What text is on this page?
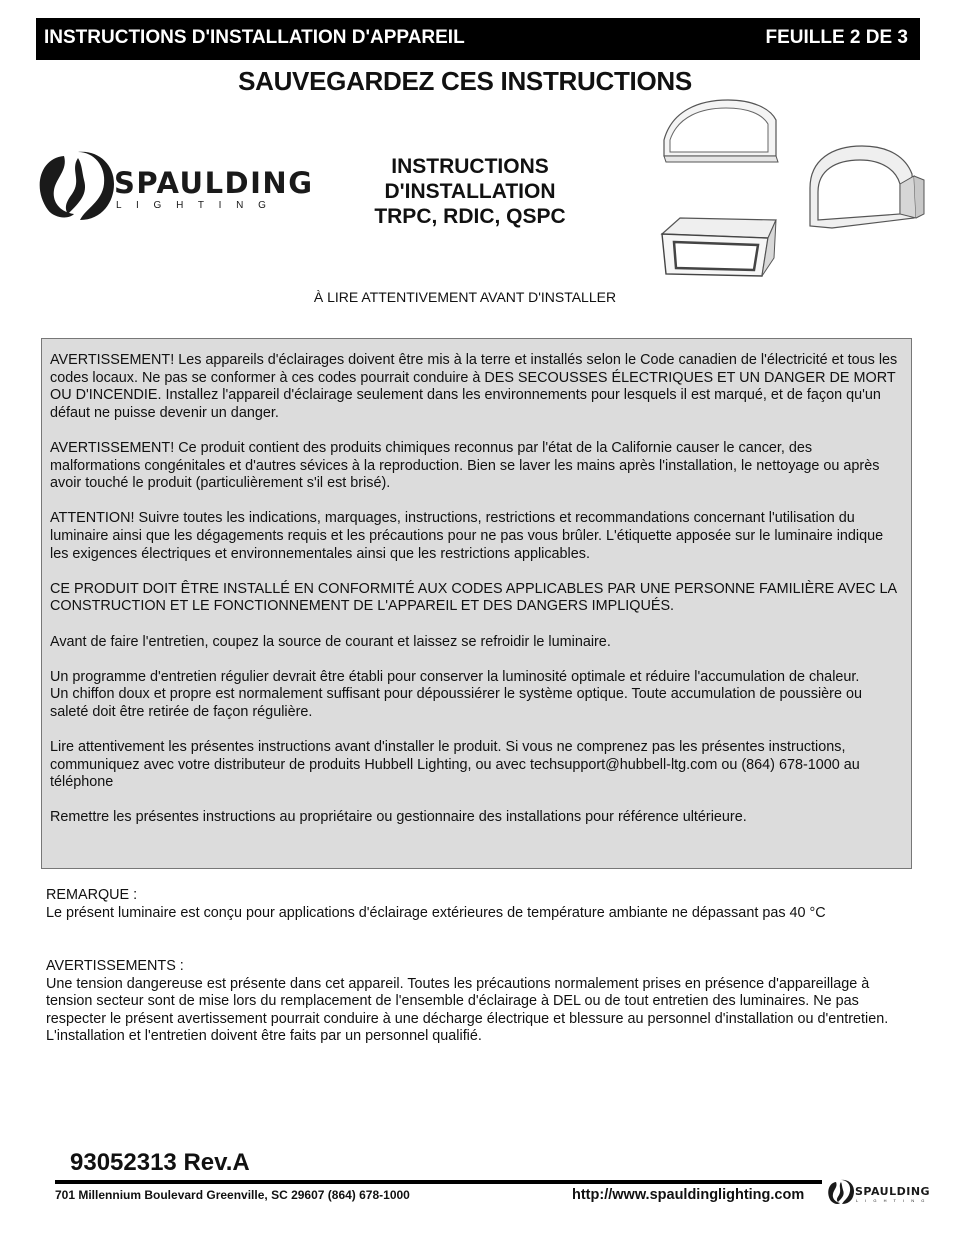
INSTRUCTIONS D'INSTALLATION D'APPAREIL	FEUILLE 2 DE 3
SAUVEGARDEZ CES INSTRUCTIONS
SPAULDING
L I G H T I N G
INSTRUCTIONS
D'INSTALLATION
TRPC, RDIC, QSPC
À LIRE ATTENTIVEMENT AVANT D'INSTALLER

AVERTISSEMENT! Les appareils d'éclairages doivent être mis à la terre et installés selon le Code canadien de l'électricité et tous les codes locaux. Ne pas se conformer à ces codes pourrait conduire à DES SECOUSSES ÉLECTRIQUES ET UN DANGER DE MORT OU D'INCENDIE. Installez l'appareil d'éclairage seulement dans les environnements pour lesquels il est marqué, et de façon qu'un défaut ne puisse devenir un danger.

AVERTISSEMENT! Ce produit contient des produits chimiques reconnus par l'état de la Californie causer le cancer, des malformations congénitales et d'autres sévices à la reproduction. Bien se laver les mains après l'installation, le nettoyage ou après avoir touché le produit (particulièrement s'il est brisé).

ATTENTION! Suivre toutes les indications, marquages, instructions, restrictions et recommandations concernant l'utilisation du luminaire ainsi que les dégagements requis et les précautions pour ne pas vous brûler. L'étiquette apposée sur le luminaire indique les exigences électriques et environnementales ainsi que les restrictions applicables.

CE PRODUIT DOIT ÊTRE INSTALLÉ EN CONFORMITÉ AUX CODES APPLICABLES PAR UNE PERSONNE FAMILIÈRE AVEC LA CONSTRUCTION ET LE FONCTIONNEMENT DE L'APPAREIL ET DES DANGERS IMPLIQUÉS.

Avant de faire l'entretien, coupez la source de courant et laissez se refroidir le luminaire.

Un programme d'entretien régulier devrait être établi pour conserver la luminosité optimale et réduire l'accumulation de chaleur.
Un chiffon doux et propre est normalement suffisant pour dépoussiérer le système optique. Toute accumulation de poussière ou saleté doit être retirée de façon régulière.

Lire attentivement les présentes instructions avant d'installer le produit. Si vous ne comprenez pas les présentes instructions, communiquez avec votre distributeur de produits Hubbell Lighting, ou avec techsupport@hubbell-ltg.com ou (864) 678-1000 au téléphone

Remettre les présentes instructions au propriétaire ou gestionnaire des installations pour référence ultérieure.

REMARQUE :
Le présent luminaire est conçu pour applications d'éclairage extérieures de température ambiante ne dépassant pas 40 °C
AVERTISSEMENTS :
Une tension dangereuse est présente dans cet appareil. Toutes les précautions normalement prises en présence d'appareillage à tension secteur sont de mise lors du remplacement de l'ensemble d'éclairage à DEL ou de tout entretien des luminaires. Ne pas respecter le présent avertissement pourrait conduire à une décharge électrique et blessure au personnel d'installation ou d'entretien. L'installation et l'entretien doivent être faits par un personnel qualifié.
93052313 Rev.A
701 Millennium Boulevard Greenville, SC 29607 (864) 678-1000	http://www.spauldinglighting.com	SPAULDING
L I G H T I N G
